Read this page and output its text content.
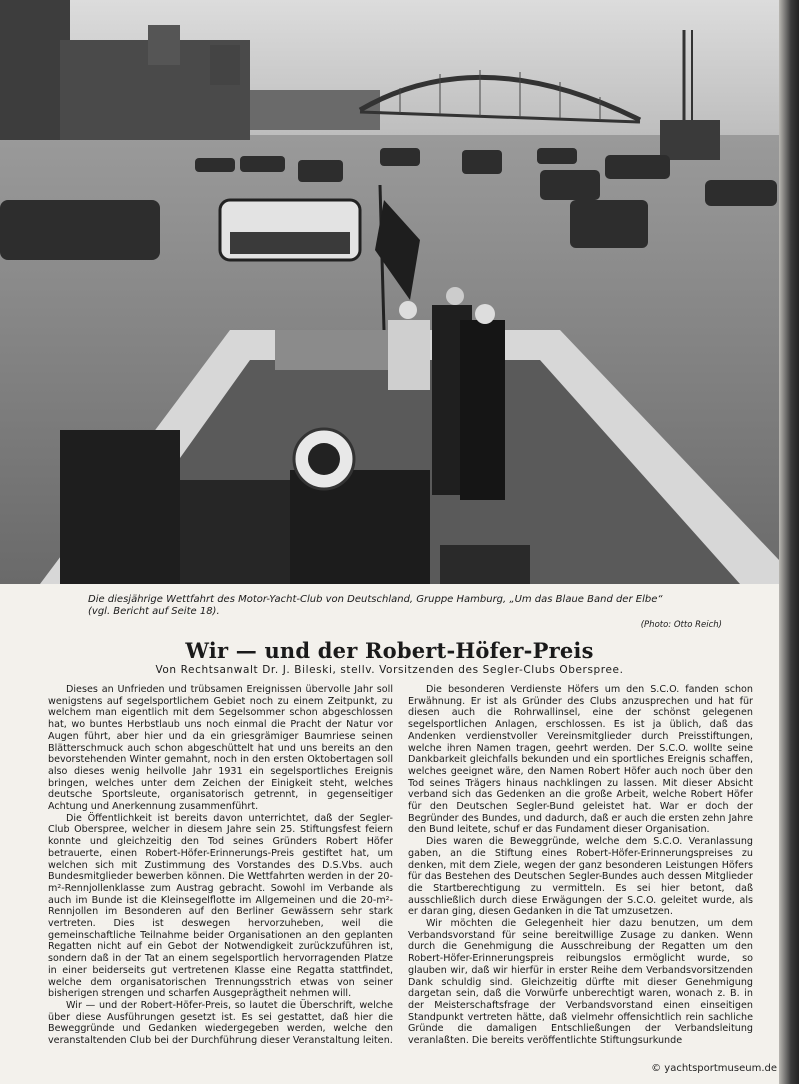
Die diesjährige Wettfahrt des Motor-Yacht-Club von Deutschland, Gruppe Hamburg, „Um das Blaue Band der Elbe“
(vgl. Bericht auf Seite 18).
(Photo: Otto Reich)
Wir — und der Robert-Höfer-Preis
Von Rechtsanwalt Dr. J. Bileski, stellv. Vorsitzenden des Segler-Clubs Oberspree.

Dieses an Unfrieden und trübsamen Ereignissen übervolle Jahr soll wenigstens auf segelsportlichem Gebiet noch zu einem Zeitpunkt, zu welchem man eigentlich mit dem Segelsommer schon abgeschlossen hat, wo buntes Herbstlaub uns noch einmal die Pracht der Natur vor Augen führt, aber hier und da ein griesgrämiger Baumriese seinen Blätterschmuck auch schon abgeschüttelt hat und uns bereits an den bevorstehenden Winter gemahnt, noch in den ersten Oktobertagen soll also dieses wenig heilvolle Jahr 1931 ein segelsportliches Ereignis bringen, welches unter dem Zeichen der Einigkeit steht, welches deutsche Sportsleute, organisatorisch getrennt, in gegenseitiger Achtung und Anerkennung zusammenführt.

Die Öffentlichkeit ist bereits davon unterrichtet, daß der Segler-Club Oberspree, welcher in diesem Jahre sein 25. Stiftungsfest feiern konnte und gleichzeitig den Tod seines Gründers Robert Höfer betrauerte, einen Robert-Höfer-Erinnerungs-Preis gestiftet hat, um welchen sich mit Zustimmung des Vorstandes des D.S.Vbs. auch Bundesmitglieder bewerben können. Die Wettfahrten werden in der 20-m²-Rennjollenklasse zum Austrag gebracht. Sowohl im Verbande als auch im Bunde ist die Kleinsegelflotte im Allgemeinen und die 20-m²-Rennjollen im Besonderen auf den Berliner Gewässern sehr stark vertreten. Dies ist deswegen hervorzuheben, weil die gemeinschaftliche Teilnahme beider Organisationen an den geplanten Regatten nicht auf ein Gebot der Notwendigkeit zurückzuführen ist, sondern daß in der Tat an einem segelsportlich hervorragenden Platze in einer beiderseits gut vertretenen Klasse eine Regatta stattfindet, welche dem organisatorischen Trennungsstrich etwas von seiner bisherigen strengen und scharfen Ausgeprägtheit nehmen will.

Wir — und der Robert-Höfer-Preis, so lautet die Überschrift, welche über diese Ausführungen gesetzt ist. Es sei gestattet, daß hier die Beweggründe und Gedanken wiedergegeben werden, welche den veranstaltenden Club bei der Durchführung dieser Veranstaltung leiten.

Die besonderen Verdienste Höfers um den S.C.O. fanden schon Erwähnung. Er ist als Gründer des Clubs anzusprechen und hat für diesen auch die Rohrwallinsel, eine der schönst gelegenen segelsportlichen Anlagen, erschlossen. Es ist ja üblich, daß das Andenken verdienstvoller Vereinsmitglieder durch Preisstiftungen, welche ihren Namen tragen, geehrt werden. Der S.C.O. wollte seine Dankbarkeit gleichfalls bekunden und ein sportliches Ereignis schaffen, welches geeignet wäre, den Namen Robert Höfer auch noch über den Tod seines Trägers hinaus nachklingen zu lassen. Mit dieser Absicht verband sich das Gedenken an die große Arbeit, welche Robert Höfer für den Deutschen Segler-Bund geleistet hat. War er doch der Begründer des Bundes, und dadurch, daß er auch die ersten zehn Jahre den Bund leitete, schuf er das Fundament dieser Organisation.

Dies waren die Beweggründe, welche dem S.C.O. Veranlassung gaben, an die Stiftung eines Robert-Höfer-Erinnerungspreises zu denken, mit dem Ziele, wegen der ganz besonderen Leistungen Höfers für das Bestehen des Deutschen Segler-Bundes auch dessen Mitglieder die Startberechtigung zu vermitteln. Es sei hier betont, daß ausschließlich durch diese Erwägungen der S.C.O. geleitet wurde, als er daran ging, diesen Gedanken in die Tat umzusetzen.

Wir möchten die Gelegenheit hier dazu benutzen, um dem Verbandsvorstand für seine bereitwillige Zusage zu danken. Wenn durch die Genehmigung die Ausschreibung der Regatten um den Robert-Höfer-Erinnerungspreis reibungslos ermöglicht wurde, so glauben wir, daß wir hierfür in erster Reihe dem Verbandsvorsitzenden Dank schuldig sind. Gleichzeitig dürfte mit dieser Genehmigung dargetan sein, daß die Vorwürfe unberechtigt waren, wonach z. B. in der Meisterschaftsfrage der Verbandsvorstand einen einseitigen Standpunkt vertreten hätte, daß vielmehr offensichtlich rein sachliche Gründe die damaligen Entschließungen der Verbandsleitung veranlaßten. Die bereits veröffentlichte Stiftungsurkunde

© yachtsportmuseum.de
